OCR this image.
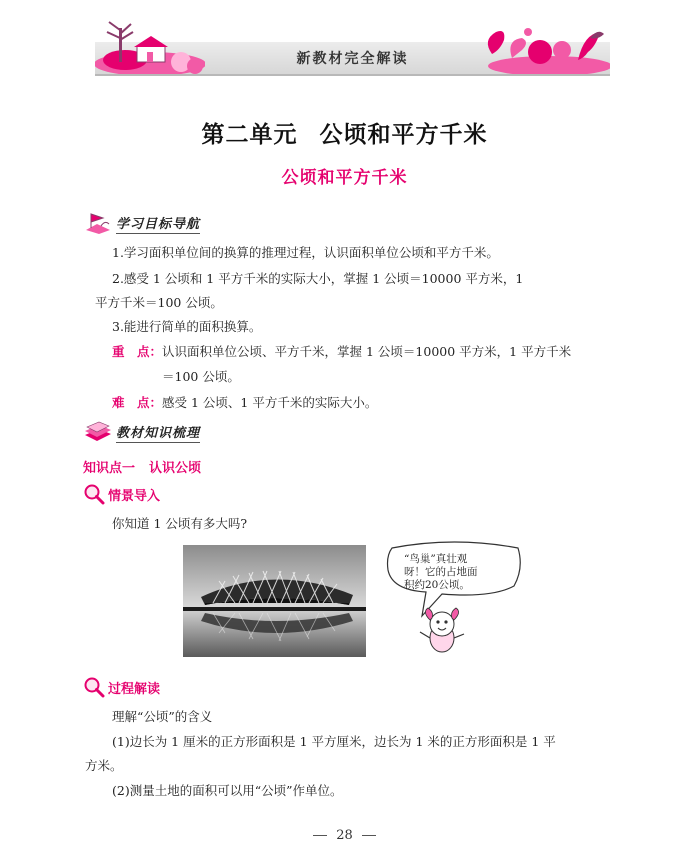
新教材完全解读
第二单元 公顷和平方千米
公顷和平方千米
学习目标导航
1.学习面积单位间的换算的推理过程，认识面积单位公顷和平方千米。
2.感受 1 公顷和 1 平方千米的实际大小，掌握 1 公顷＝10000 平方米，1
平方千米＝100 公顷。
3.能进行简单的面积换算。
重　点：认识面积单位公顷、平方千米，掌握 1 公顷＝10000 平方米，1 平方千米
＝100 公顷。
难　点：感受 1 公顷、1 平方千米的实际大小。
教材知识梳理
知识点一 认识公顷
情景导入
你知道 1 公顷有多大吗?
“鸟巢”真壮观
呀！它的占地面
积约20公顷。
过程解读
理解“公顷”的含义
(1)边长为 1 厘米的正方形面积是 1 平方厘米，边长为 1 米的正方形面积是 1 平
方米。
(2)测量土地的面积可以用“公顷”作单位。
28
